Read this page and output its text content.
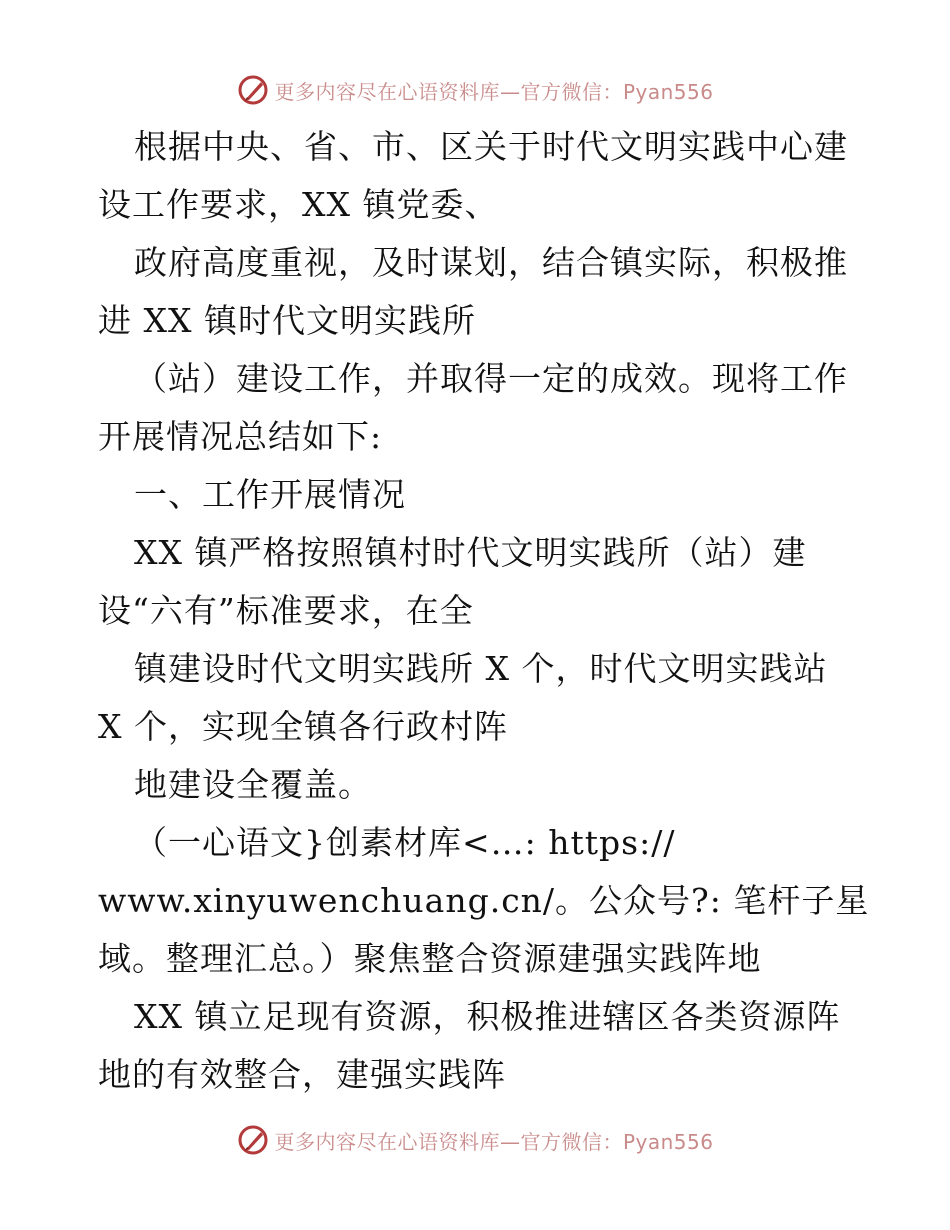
更多内容尽在心语资料库—官方微信：Pyan556
根据中央、省、市、区关于时代文明实践中心建
设工作要求，XX 镇党委、
政府高度重视，及时谋划，结合镇实际，积极推
进 XX 镇时代文明实践所
（站）建设工作，并取得一定的成效。现将工作
开展情况总结如下:
一、工作开展情况
XX 镇严格按照镇村时代文明实践所（站）建
设“六有”标准要求，在全
镇建设时代文明实践所 X 个，时代文明实践站
X 个，实现全镇各行政村阵
地建设全覆盖。
（一心语文}创素材库<…: https://
www.xinyuwenchuang.cn/。公众号?: 笔杆子星
域。整理汇总。）聚焦整合资源建强实践阵地
XX 镇立足现有资源，积极推进辖区各类资源阵
地的有效整合，建强实践阵
更多内容尽在心语资料库—官方微信：Pyan556
